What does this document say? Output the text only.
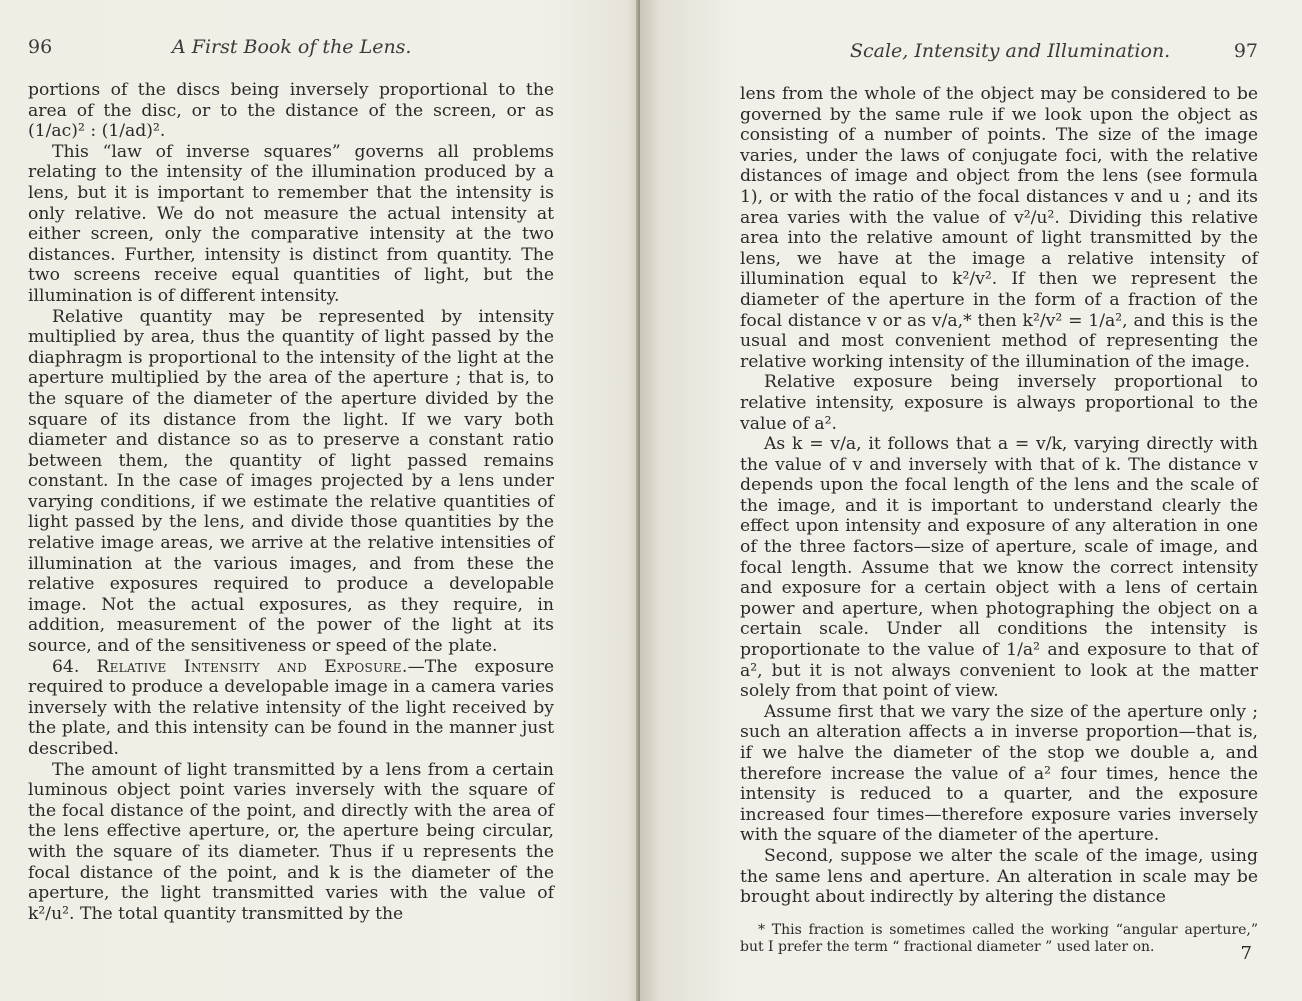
96	A First Book of the Lens.

portions of the discs being inversely proportional to the area of the disc, or to the distance of the screen, or as (1/ac)² : (1/ad)².

This “law of inverse squares” governs all problems relating to the intensity of the illumination produced by a lens, but it is important to remember that the intensity is only relative. We do not measure the actual intensity at either screen, only the comparative intensity at the two distances. Further, intensity is distinct from quantity. The two screens receive equal quantities of light, but the illumination is of different intensity.

Relative quantity may be represented by intensity multiplied by area, thus the quantity of light passed by the diaphragm is proportional to the intensity of the light at the aperture multiplied by the area of the aperture ; that is, to the square of the diameter of the aperture divided by the square of its distance from the light. If we vary both diameter and distance so as to preserve a constant ratio between them, the quantity of light passed remains constant. In the case of images projected by a lens under varying conditions, if we estimate the relative quantities of light passed by the lens, and divide those quantities by the relative image areas, we arrive at the relative intensities of illumination at the various images, and from these the relative exposures required to produce a developable image. Not the actual exposures, as they require, in addition, measurement of the power of the light at its source, and of the sensitiveness or speed of the plate.

64. Relative Intensity and Exposure.—The exposure required to produce a developable image in a camera varies inversely with the relative intensity of the light received by the plate, and this intensity can be found in the manner just described.

The amount of light transmitted by a lens from a certain luminous object point varies inversely with the square of the focal distance of the point, and directly with the area of the lens effective aperture, or, the aperture being circular, with the square of its diameter. Thus if u represents the focal distance of the point, and k is the diameter of the aperture, the light transmitted varies with the value of k²/u². The total quantity transmitted by the

Scale, Intensity and Illumination.	97

lens from the whole of the object may be considered to be governed by the same rule if we look upon the object as consisting of a number of points. The size of the image varies, under the laws of conjugate foci, with the relative distances of image and object from the lens (see formula 1), or with the ratio of the focal distances v and u ; and its area varies with the value of v²/u². Dividing this relative area into the relative amount of light transmitted by the lens, we have at the image a relative intensity of illumination equal to k²/v². If then we represent the diameter of the aperture in the form of a fraction of the focal distance v or as v/a,* then k²/v² = 1/a², and this is the usual and most convenient method of representing the relative working intensity of the illumination of the image.

Relative exposure being inversely proportional to relative intensity, exposure is always proportional to the value of a².

As k = v/a, it follows that a = v/k, varying directly with the value of v and inversely with that of k. The distance v depends upon the focal length of the lens and the scale of the image, and it is important to understand clearly the effect upon intensity and exposure of any alteration in one of the three factors—size of aperture, scale of image, and focal length. Assume that we know the correct intensity and exposure for a certain object with a lens of certain power and aperture, when photographing the object on a certain scale. Under all conditions the intensity is proportionate to the value of 1/a² and exposure to that of a², but it is not always convenient to look at the matter solely from that point of view.

Assume first that we vary the size of the aperture only ; such an alteration affects a in inverse proportion—that is, if we halve the diameter of the stop we double a, and therefore increase the value of a² four times, hence the intensity is reduced to a quarter, and the exposure increased four times—therefore exposure varies inversely with the square of the diameter of the aperture.

Second, suppose we alter the scale of the image, using the same lens and aperture. An alteration in scale may be brought about indirectly by altering the distance

* This fraction is sometimes called the working “angular aperture,” but I prefer the term “ fractional diameter ” used later on.	7
